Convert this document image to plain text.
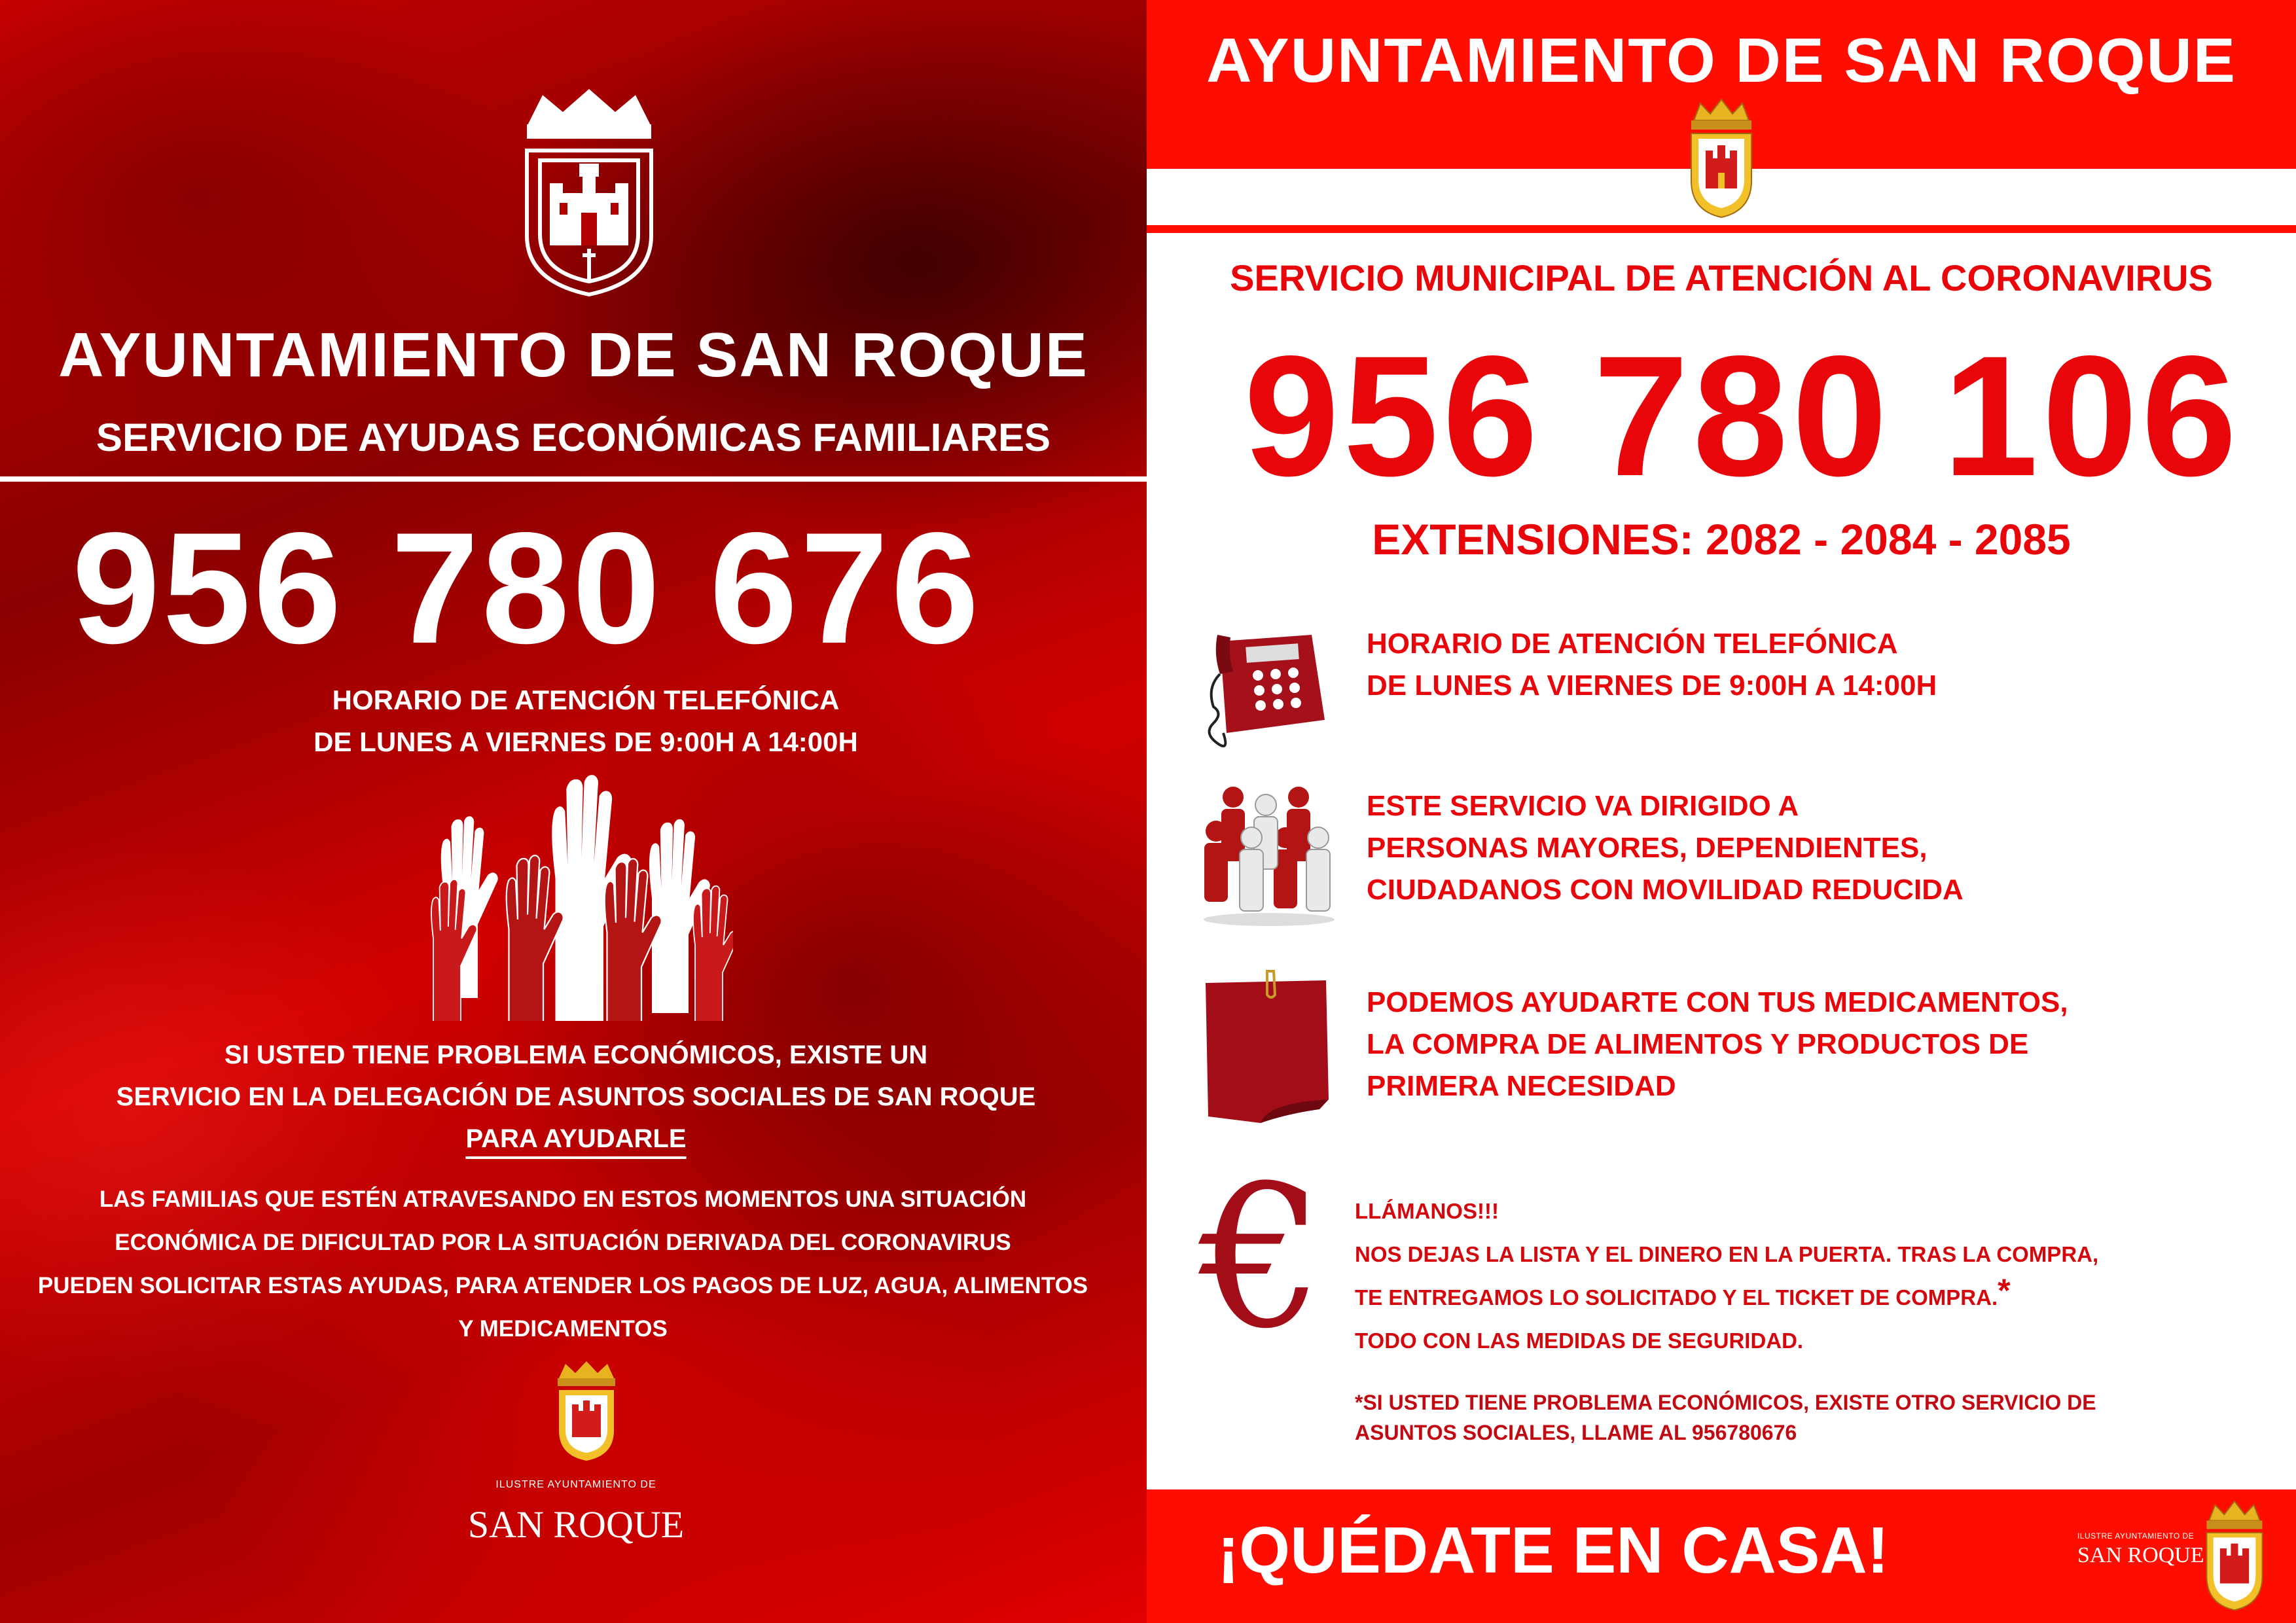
AYUNTAMIENTO DE SAN ROQUE
SERVICIO DE AYUDAS ECONÓMICAS FAMILIARES
956 780 676
HORARIO DE ATENCIÓN TELEFÓNICA
DE LUNES A VIERNES DE 9:00H A 14:00H
SI USTED TIENE PROBLEMA ECONÓMICOS, EXISTE UN
SERVICIO EN LA DELEGACIÓN DE ASUNTOS SOCIALES DE SAN ROQUE
PARA AYUDARLE
LAS FAMILIAS QUE ESTÉN ATRAVESANDO EN ESTOS MOMENTOS UNA SITUACIÓN
ECONÓMICA DE DIFICULTAD POR LA SITUACIÓN DERIVADA DEL CORONAVIRUS
PUEDEN SOLICITAR ESTAS AYUDAS, PARA ATENDER LOS PAGOS DE LUZ, AGUA, ALIMENTOS
Y MEDICAMENTOS
ILUSTRE AYUNTAMIENTO DE
SAN ROQUE
AYUNTAMIENTO DE SAN ROQUE
SERVICIO MUNICIPAL DE ATENCIÓN AL CORONAVIRUS
956 780 106
EXTENSIONES: 2082 - 2084 - 2085
HORARIO DE ATENCIÓN TELEFÓNICA
DE LUNES A VIERNES DE 9:00H A 14:00H
ESTE SERVICIO VA DIRIGIDO A
PERSONAS MAYORES, DEPENDIENTES,
CIUDADANOS CON MOVILIDAD REDUCIDA
PODEMOS AYUDARTE CON TUS MEDICAMENTOS,
LA COMPRA DE ALIMENTOS Y PRODUCTOS DE
PRIMERA NECESIDAD
€ LLÁMANOS!!!
NOS DEJAS LA LISTA Y EL DINERO EN LA PUERTA. TRAS LA COMPRA,
TE ENTREGAMOS LO SOLICITADO Y EL TICKET DE COMPRA.*
TODO CON LAS MEDIDAS DE SEGURIDAD.
*SI USTED TIENE PROBLEMA ECONÓMICOS, EXISTE OTRO SERVICIO DE
ASUNTOS SOCIALES, LLAME AL 956780676
¡QUÉDATE EN CASA!	ILUSTRE AYUNTAMIENTO DE
SAN ROQUE
